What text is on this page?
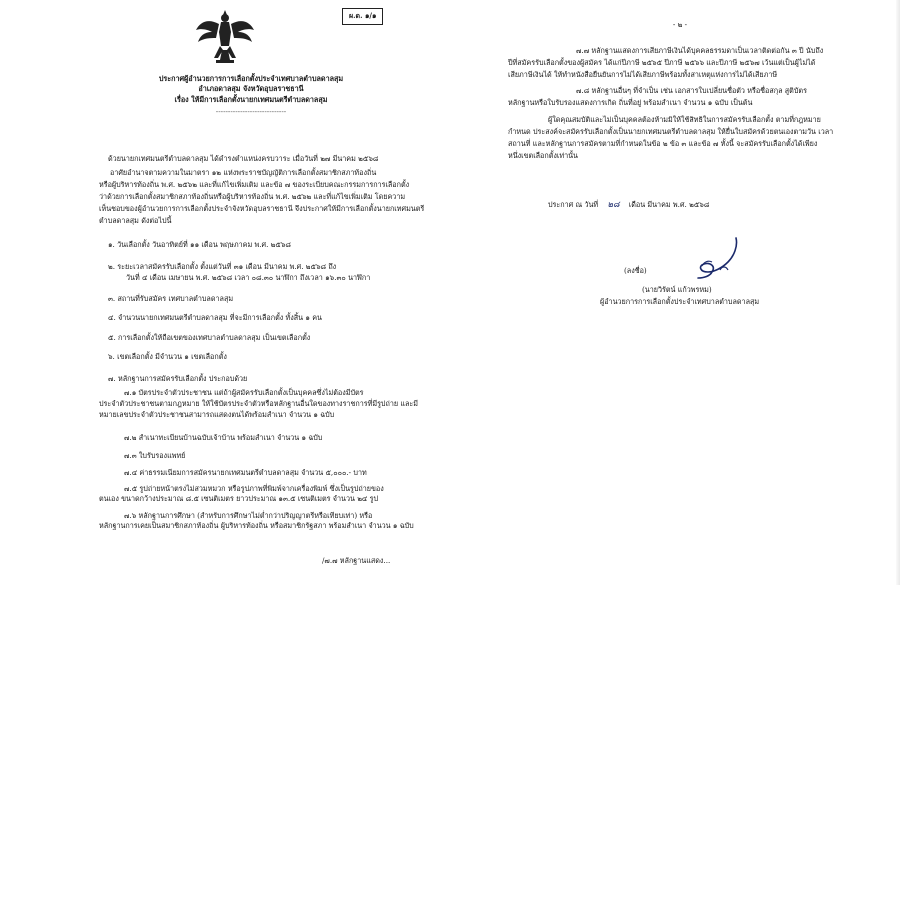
ผ.ด. ๑/๑
ประกาศผู้อำนวยการการเลือกตั้งประจำเทศบาลตำบลดาลสุม
อำเภอดาลสุม จังหวัดอุบลราชธานี
เรื่อง ให้มีการเลือกตั้งนายกเทศมนตรีตำบลดาลสุม
-----------------------------
ด้วยนายกเทศมนตรีตำบลดาลสุม ได้ดำรงตำแหน่งครบวาระ เมื่อวันที่ ๒๗ มีนาคม ๒๕๖๘
อาศัยอำนาจตามความในมาตรา ๑๒ แห่งพระราชบัญญัติการเลือกตั้งสมาชิกสภาท้องถิ่น
หรือผู้บริหารท้องถิ่น พ.ศ. ๒๕๖๒ และที่แก้ไขเพิ่มเติม และข้อ ๗ ของระเบียบคณะกรรมการการเลือกตั้ง
ว่าด้วยการเลือกตั้งสมาชิกสภาท้องถิ่นหรือผู้บริหารท้องถิ่น พ.ศ. ๒๕๖๒ และที่แก้ไขเพิ่มเติม โดยความ
เห็นชอบของผู้อำนวยการการเลือกตั้งประจำจังหวัดอุบลราชธานี จึงประกาศให้มีการเลือกตั้งนายกเทศมนตรี
ตำบลดาลสุม ดังต่อไปนี้
๑. วันเลือกตั้ง วันอาทิตย์ที่ ๑๑ เดือน พฤษภาคม พ.ศ. ๒๕๖๘
๒. ระยะเวลาสมัครรับเลือกตั้ง ตั้งแต่วันที่ ๓๑ เดือน มีนาคม พ.ศ. ๒๕๖๘ ถึง
วันที่ ๔ เดือน เมษายน พ.ศ. ๒๕๖๘ เวลา ๐๘.๓๐ นาฬิกา ถึงเวลา ๑๖.๓๐ นาฬิกา
๓. สถานที่รับสมัคร เทศบาลตำบลดาลสุม
๔. จำนวนนายกเทศมนตรีตำบลดาลสุม ที่จะมีการเลือกตั้ง ทั้งสิ้น ๑ คน
๕. การเลือกตั้งให้ถือเขตของเทศบาลตำบลดาลสุม เป็นเขตเลือกตั้ง
๖. เขตเลือกตั้ง มีจำนวน ๑ เขตเลือกตั้ง
๗. หลักฐานการสมัครรับเลือกตั้ง ประกอบด้วย
๗.๑ บัตรประจำตัวประชาชน แต่ถ้าผู้สมัครรับเลือกตั้งเป็นบุคคลซึ่งไม่ต้องมีบัตร
ประจำตัวประชาชนตามกฎหมาย ให้ใช้บัตรประจำตัวหรือหลักฐานอื่นใดของทางราชการที่มีรูปถ่าย และมี
หมายเลขประจำตัวประชาชนสามารถแสดงตนได้พร้อมสำเนา จำนวน ๑ ฉบับ
๗.๒ สำเนาทะเบียนบ้านฉบับเจ้าบ้าน พร้อมสำเนา จำนวน ๑ ฉบับ
๗.๓ ใบรับรองแพทย์
๗.๔ ค่าธรรมเนียมการสมัครนายกเทศมนตรีตำบลดาลสุม จำนวน ๕,๐๐๐.- บาท
๗.๕ รูปถ่ายหน้าตรงไม่สวมหมวก หรือรูปภาพที่พิมพ์จากเครื่องพิมพ์ ซึ่งเป็นรูปถ่ายของ
ตนเอง ขนาดกว้างประมาณ ๘.๕ เซนติเมตร ยาวประมาณ ๑๓.๕ เซนติเมตร จำนวน ๒๔ รูป
๗.๖ หลักฐานการศึกษา (สำหรับการศึกษาไม่ต่ำกว่าปริญญาตรีหรือเทียบเท่า) หรือ
หลักฐานการเคยเป็นสมาชิกสภาท้องถิ่น ผู้บริหารท้องถิ่น หรือสมาชิกรัฐสภา พร้อมสำเนา จำนวน ๑ ฉบับ
/๗.๗ หลักฐานแสดง...
- ๒ -
๗.๗ หลักฐานแสดงการเสียภาษีเงินได้บุคคลธรรมดาเป็นเวลาติดต่อกัน ๓ ปี นับถึง
ปีที่สมัครรับเลือกตั้งของผู้สมัคร ได้แก่ปีภาษี ๒๕๖๕ ปีภาษี ๒๕๖๖ และปีภาษี ๒๕๖๗ เว้นแต่เป็นผู้ไม่ได้
เสียภาษีเงินได้ ให้ทำหนังสือยืนยันการไม่ได้เสียภาษีพร้อมทั้งสาเหตุแห่งการไม่ได้เสียภาษี
๗.๘ หลักฐานอื่นๆ ที่จำเป็น เช่น เอกสารใบเปลี่ยนชื่อตัว หรือชื่อสกุล สูติบัตร
หลักฐานหรือใบรับรองแสดงการเกิด ถิ่นที่อยู่ พร้อมสำเนา จำนวน ๑ ฉบับ เป็นต้น
ผู้ใดคุณสมบัติและไม่เป็นบุคคลต้องห้ามมิให้ใช้สิทธิในการสมัครรับเลือกตั้ง ตามที่กฎหมาย
กำหนด ประสงค์จะสมัครรับเลือกตั้งเป็นนายกเทศมนตรีตำบลดาลสุม ให้ยื่นใบสมัครด้วยตนเองตามวัน เวลา
สถานที่ และหลักฐานการสมัครตามที่กำหนดในข้อ ๒ ข้อ ๓ และข้อ ๗ ทั้งนี้ จะสมัครรับเลือกตั้งได้เพียง
หนึ่งเขตเลือกตั้งเท่านั้น
ประกาศ ณ วันที่ ๒๘ เดือน มีนาคม พ.ศ. ๒๕๖๘
(ลงชื่อ)
(นายวิรัตน์ แก้วพรหม)
ผู้อำนวยการการเลือกตั้งประจำเทศบาลตำบลดาลสุม
